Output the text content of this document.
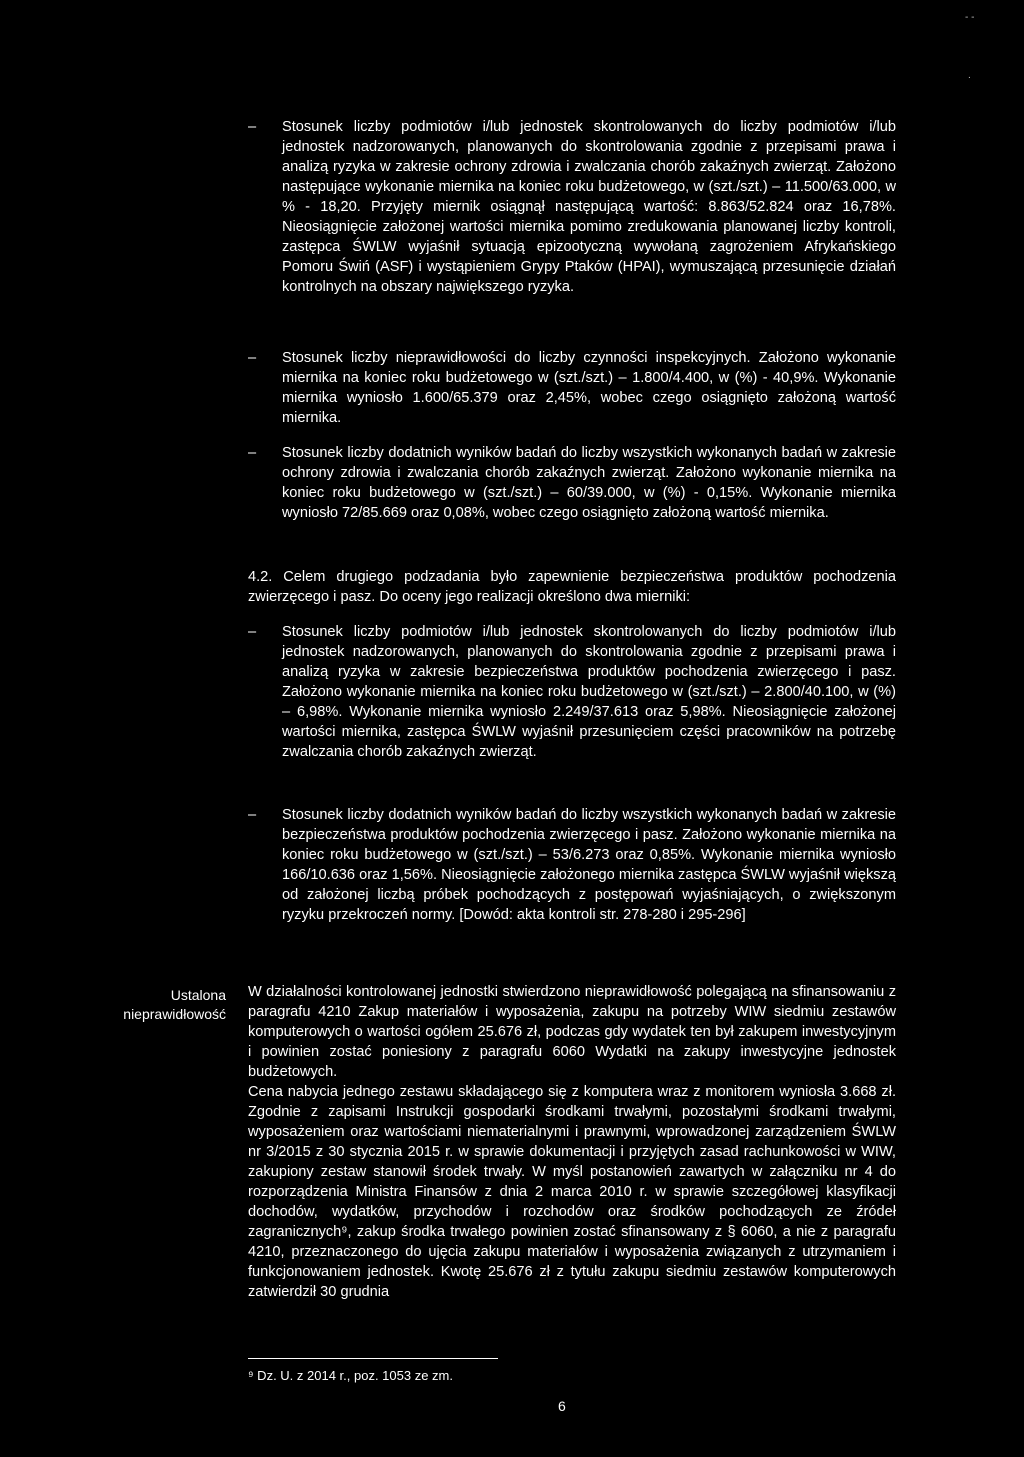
- -
.
–	Stosunek liczby podmiotów i/lub jednostek skontrolowanych do liczby podmiotów i/lub jednostek nadzorowanych, planowanych do skontrolowania zgodnie z przepisami prawa i analizą ryzyka w zakresie ochrony zdrowia i zwalczania chorób zakaźnych zwierząt. Założono następujące wykonanie miernika na koniec roku budżetowego, w (szt./szt.) – 11.500/63.000, w % - 18,20. Przyjęty miernik osiągnął następującą wartość: 8.863/52.824 oraz 16,78%. Nieosiągnięcie założonej wartości miernika pomimo zredukowania planowanej liczby kontroli, zastępca ŚWLW wyjaśnił sytuacją epizootyczną wywołaną zagrożeniem Afrykańskiego Pomoru Świń (ASF) i wystąpieniem Grypy Ptaków (HPAI), wymuszającą przesunięcie działań kontrolnych na obszary największego ryzyka.

–	Stosunek liczby nieprawidłowości do liczby czynności inspekcyjnych. Założono wykonanie miernika na koniec roku budżetowego w (szt./szt.) – 1.800/4.400, w (%) - 40,9%. Wykonanie miernika wyniosło 1.600/65.379 oraz 2,45%, wobec czego osiągnięto założoną wartość miernika.

–	Stosunek liczby dodatnich wyników badań do liczby wszystkich wykonanych badań w zakresie ochrony zdrowia i zwalczania chorób zakaźnych zwierząt. Założono wykonanie miernika na koniec roku budżetowego w (szt./szt.) – 60/39.000, w (%) - 0,15%. Wykonanie miernika wyniosło 72/85.669 oraz 0,08%, wobec czego osiągnięto założoną wartość miernika.

4.2. Celem drugiego podzadania było zapewnienie bezpieczeństwa produktów pochodzenia zwierzęcego i pasz. Do oceny jego realizacji określono dwa mierniki:

–	Stosunek liczby podmiotów i/lub jednostek skontrolowanych do liczby podmiotów i/lub jednostek nadzorowanych, planowanych do skontrolowania zgodnie z przepisami prawa i analizą ryzyka w zakresie bezpieczeństwa produktów pochodzenia zwierzęcego i pasz. Założono wykonanie miernika na koniec roku budżetowego w (szt./szt.) – 2.800/40.100, w (%) – 6,98%. Wykonanie miernika wyniosło 2.249/37.613 oraz 5,98%. Nieosiągnięcie założonej wartości miernika, zastępca ŚWLW wyjaśnił przesunięciem części pracowników na potrzebę zwalczania chorób zakaźnych zwierząt.

–	Stosunek liczby dodatnich wyników badań do liczby wszystkich wykonanych badań w zakresie bezpieczeństwa produktów pochodzenia zwierzęcego i pasz. Założono wykonanie miernika na koniec roku budżetowego w (szt./szt.) – 53/6.273 oraz 0,85%. Wykonanie miernika wyniosło 166/10.636 oraz 1,56%. Nieosiągnięcie założonego miernika zastępca ŚWLW wyjaśnił większą od założonej liczbą próbek pochodzących z postępowań wyjaśniających, o zwiększonym ryzyku przekroczeń normy. [Dowód: akta kontroli str. 278-280 i 295-296]

Ustalona nieprawidłowość

W działalności kontrolowanej jednostki stwierdzono nieprawidłowość polegającą na sfinansowaniu z paragrafu 4210 Zakup materiałów i wyposażenia, zakupu na potrzeby WIW siedmiu zestawów komputerowych o wartości ogółem 25.676 zł, podczas gdy wydatek ten był zakupem inwestycyjnym i powinien zostać poniesiony z paragrafu 6060 Wydatki na zakupy inwestycyjne jednostek budżetowych.

Cena nabycia jednego zestawu składającego się z komputera wraz z monitorem wyniosła 3.668 zł. Zgodnie z zapisami Instrukcji gospodarki środkami trwałymi, pozostałymi środkami trwałymi, wyposażeniem oraz wartościami niematerialnymi i prawnymi, wprowadzonej zarządzeniem ŚWLW nr 3/2015 z 30 stycznia 2015 r. w sprawie dokumentacji i przyjętych zasad rachunkowości w WIW, zakupiony zestaw stanowił środek trwały. W myśl postanowień zawartych w załączniku nr 4 do rozporządzenia Ministra Finansów z dnia 2 marca 2010 r. w sprawie szczegółowej klasyfikacji dochodów, wydatków, przychodów i rozchodów oraz środków pochodzących ze źródeł zagranicznych⁹, zakup środka trwałego powinien zostać sfinansowany z § 6060, a nie z paragrafu 4210, przeznaczonego do ujęcia zakupu materiałów i wyposażenia związanych z utrzymaniem i funkcjonowaniem jednostek. Kwotę 25.676 zł z tytułu zakupu siedmiu zestawów komputerowych zatwierdził 30 grudnia

⁹ Dz. U. z 2014 r., poz. 1053 ze zm.
6
